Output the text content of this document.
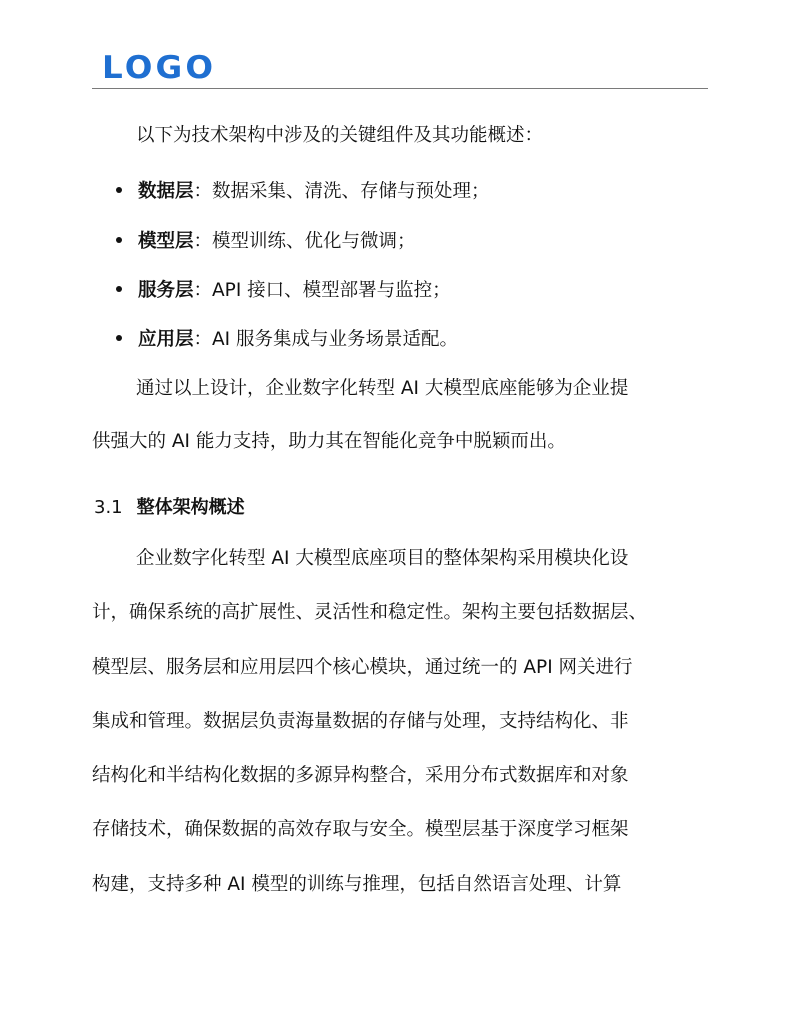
LOGO
以下为技术架构中涉及的关键组件及其功能概述：
数据层：数据采集、清洗、存储与预处理；
模型层：模型训练、优化与微调；
服务层：API 接口、模型部署与监控；
应用层：AI 服务集成与业务场景适配。
通过以上设计，企业数字化转型 AI 大模型底座能够为企业提
供强大的 AI 能力支持，助力其在智能化竞争中脱颖而出。
3.1 整体架构概述
企业数字化转型 AI 大模型底座项目的整体架构采用模块化设
计，确保系统的高扩展性、灵活性和稳定性。架构主要包括数据层、
模型层、服务层和应用层四个核心模块，通过统一的 API 网关进行
集成和管理。数据层负责海量数据的存储与处理，支持结构化、非
结构化和半结构化数据的多源异构整合，采用分布式数据库和对象
存储技术，确保数据的高效存取与安全。模型层基于深度学习框架
构建，支持多种 AI 模型的训练与推理，包括自然语言处理、计算
